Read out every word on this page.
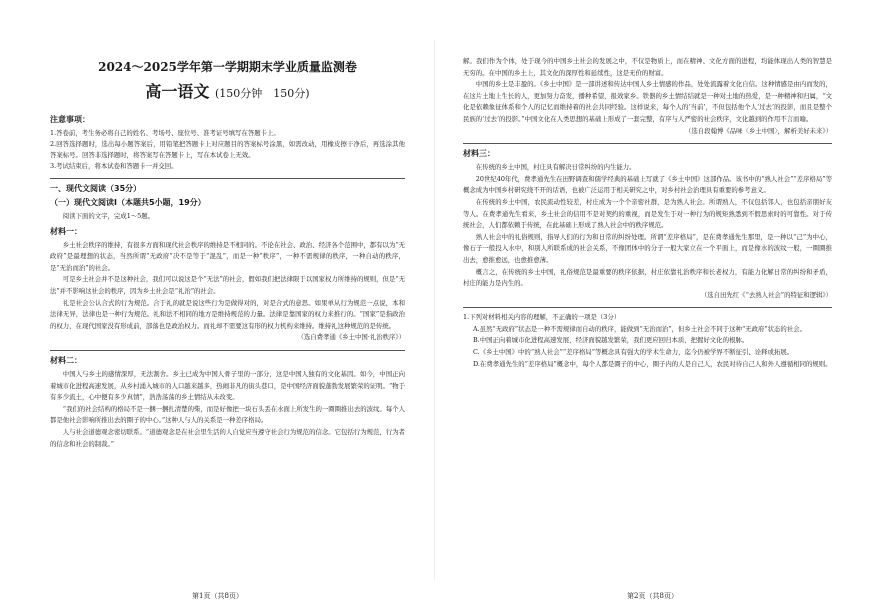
2024～2025学年第一学期期末学业质量监测卷
高一语文 (150分钟　150分)
注意事项：

1.答卷前，考生务必将自己的姓名、考场号、座位号、准考证号填写在答题卡上。

2.回答选择题时，选出每小题答案后，用铅笔把答题卡上对应题目的答案标号涂黑，如需改动，用橡皮擦干净后，再选涂其他答案标号。回答非选择题时，将答案写在答题卡上，写在本试卷上无效。

3.考试结束后，将本试卷和答题卡一并交回。

一、现代文阅读（35分）
（一）现代文阅读Ⅰ（本题共5小题，19分）

阅读下面的文字，完成1～5题。

材料一：

乡土社会秩序的维持，有很多方面和现代社会秩序的维持是不相同的。不论在社会、政治、经济各个范围中，都有以为“无政府”是最理想的状态，当然所谓“无政府”决不是等于“混乱”，而是一种“秩序”，一种不需规律的秩序，一种自动的秩序，是“无治而治”的社会。

可是乡土社会并不是这种社会，我们可以说这是个“无法”的社会，假如我们把法律限于以国家权力所维持的规则，但是“无法”并不影响这社会的秩序，因为乡土社会是“礼治”的社会。

礼是社会公认合式的行为规范。合于礼的就是说这些行为是做得对的，对是合式的意思。如果单从行为规范一点说，本和法律无异，法律也是一种行为规范。礼和法不相同的地方是维持规范的力量。法律是靠国家的权力来推行的。“国家”是指政治的权力，在现代国家没有形成前，部落也是政治权力。而礼却不需要这有形的权力机构来维持。维持礼这种规范的是传统。

（选自费孝通《乡土中国·礼治秩序》）
材料二：

中国人与乡土的感情深厚，无法割舍。乡土已成为中国人骨子里的一部分，这是中国人独有的文化基因。如今，中国正向着城市化进程高速发展，从乡村涌入城市的人口越来越多，热闹非凡的街头巷口，是中国经济面貌蓬勃发展繁荣的证明。“物于有多少流土，心中便有多少真情”，浩浩荡荡的乡土情结从未改变。

“我们的社会结构的格局不是一捆一捆扎清楚的柴，而是好像把一块石头丢在水面上所发生的一圈圈推出去的波纹。每个人都是他社会影响所推出去的圈子的中心。”这种人与人的关系是一种差序格局。

人与社会道德观念密切联系。“道德观念是在社会里生活的人自觉应当遵守社会行为规范的信念。它包括行为规范，行为者的信念和社会的制裁。”

第1页（共8页）

解。我们作为个体，处于现今的中国乡土社会的发展之中，不仅是物质上，而在精神、文化方面的进程，均能体现出人类的智慧是无穷的。在中国的乡土上，其文化的深厚性和延续性，这是无价的财富。

中国的乡土是丰盈的。《乡土中国》是一部讲述和传达中国人乡土情感的作品，处处流露着文化自信。这种情感是由内而发的，在这片土地上生长的人，更加努力奋发，播种希望，报效家乡。铁器的乡土情结结就是一种对土地的热爱，是一种精神和归属，“文化是依赖象征体系和个人的记忆而维持着的社会共同经验。这样说来，每个人的‘当前’，不但包括他个人‘过去’的投影，而且是整个民族的‘过去’的投影。”中国文化在人类思想的基础上形成了一套完整，有序与人严密的社会秩序，文化越到的作用不言而喻。

（选自段翰博《品味〈乡土中国〉，解析美好未来》）
材料三：

在传统的乡土中国，村庄具有解决日常纠纷的内生能力。

20世纪40年代，费孝通先生在田野调查和儒学经典的基础上写就了《乡土中国》这部作品。该书中的“熟人社会”“差序格局”等概念成为中国乡村研究绕不开的话语，也被广泛运用于相关研究之中，对乡村社会治理具有重要的参考意义。

在传统的乡土中国，农民流动性较差，村庄成为一个个亲密社群，是为熟人社会。所谓熟人，不仅包括邻人，也包括亲朋好友等人。在费孝通先生看来，乡土社会的信用不是对契约的重视，而是发生于对一种行为的规矩熟悉到不假思索时的可靠性。对于传统社会，人们都依赖于传统，在此基础上形成了熟人社会中的秩序规范。

熟人社会中的礼俗规则，指导人们的行为和日常的纠纷处理。所谓“差序格局”，是在费孝通先生那里，是一种以“己”为中心，像石子一般投入水中，和别人所联系成的社会关系，不像团体中的分子一般大家立在一个平面上，而是像水的波纹一般，一圈圈推出去，愈推愈远，也愈推愈薄。

概言之，在传统的乡土中国，礼俗规范是最重要的秩序依据，村庄依靠礼治秩序和长老权力，有能力化解日常的纠纷和矛盾，村庄的能力是内生的。

（选自田先红《“去熟人社会”的特征和逻辑》）

1.下列对材料相关内容的理解，不正确的一项是（3分）

A.虽然“无政府”状态是一种不需规律而自动的秩序，能做到“无治而治”，但乡土社会不同于这种“无政府”状态的社会。

B.中国正向着城市化进程高速发展，经济面貌越发繁荣，我们更应回归本质，把握好文化的根脉。

C.《乡土中国》中的“熟人社会”“差序格局”等概念具有强大的学术生命力，迄今仍被学界不断征引、诠释或拓展。

D.在费孝通先生的“差序格局”概念中，每个人都是圈子的中心，圈子内的人是自己人，农民对待自己人和外人遵循相同的规则。

第2页（共8页）
